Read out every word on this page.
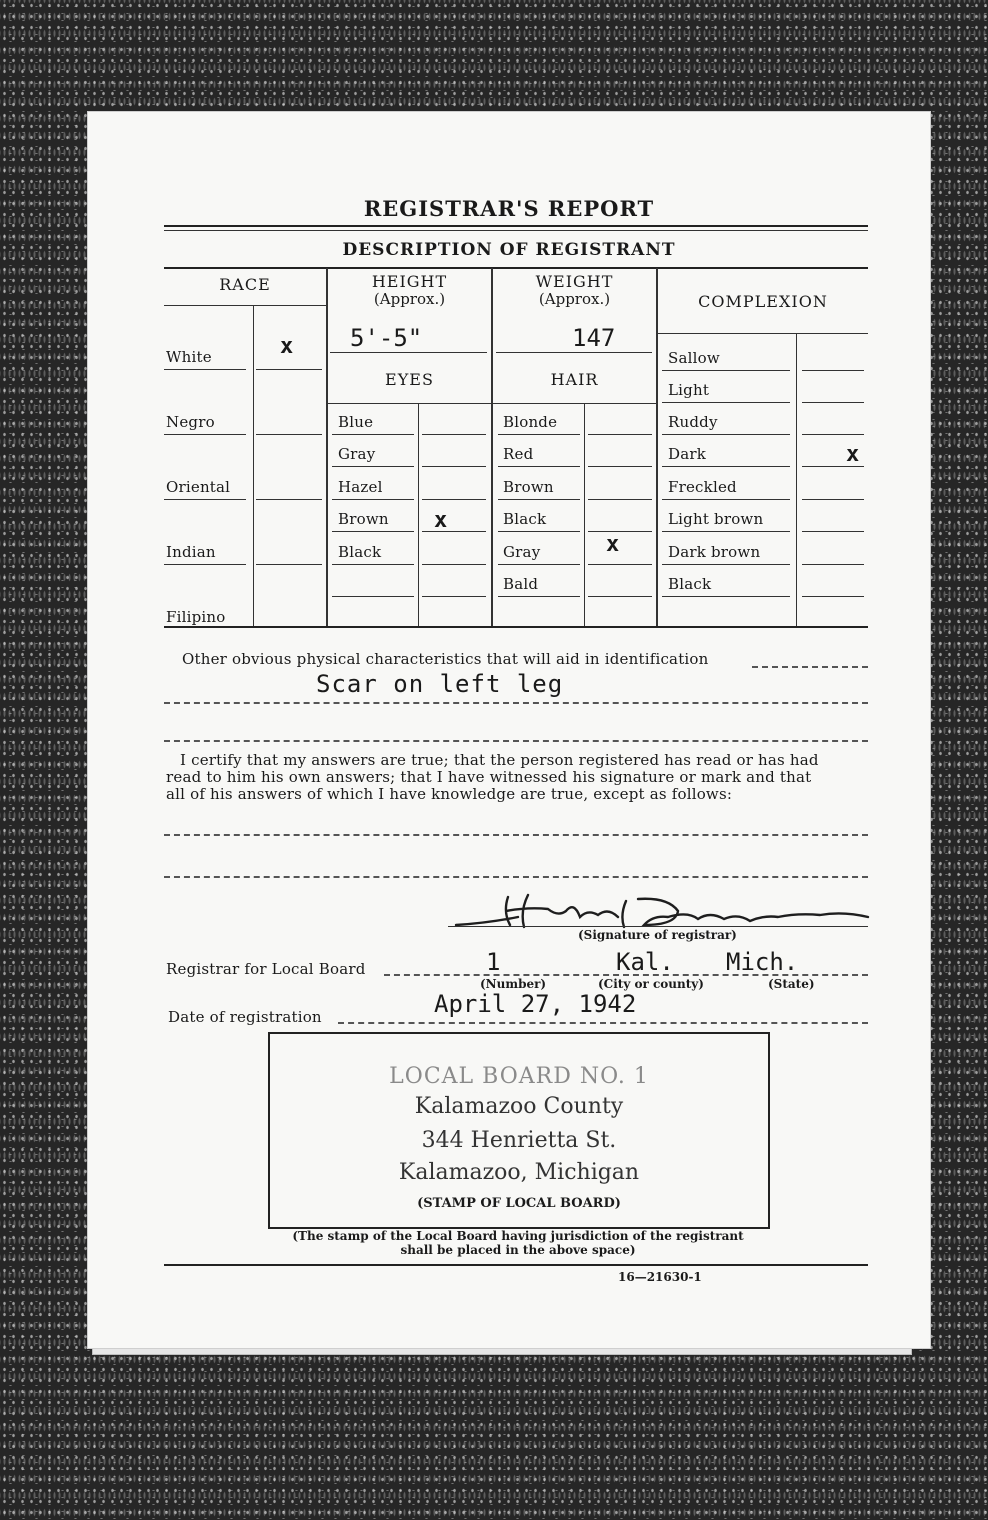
REGISTRAR'S REPORT
DESCRIPTION OF REGISTRANT
RACE
White	x
Negro
Oriental
Indian
Filipino
HEIGHT
(Approx.)
5'-5"
WEIGHT
(Approx.)
147
COMPLEXION
EYES	HAIR
Blue
Gray
Hazel
Brown x
Black
Blonde
Red
Brown
Black
Gray	x
Bald
Sallow
Light
Ruddy
Dark	x
Freckled
Light brown
Dark brown
Black
Other obvious physical characteristics that will aid in identification
Scar on left leg
I certify that my answers are true; that the person registered has read or has had
read to him his own answers; that I have witnessed his signature or mark and that
all of his answers of which I have knowledge are true, except as follows:
(Signature of registrar)
Registrar for Local Board	1	Kal. Mich.
(Number)	(City or county)	(State)
Date of registration	April 27, 1942
LOCAL BOARD NO. 1
Kalamazoo County
344 Henrietta St.
Kalamazoo, Michigan
(STAMP OF LOCAL BOARD)
(The stamp of the Local Board having jurisdiction of the registrant
shall be placed in the above space)
16—21630-1
